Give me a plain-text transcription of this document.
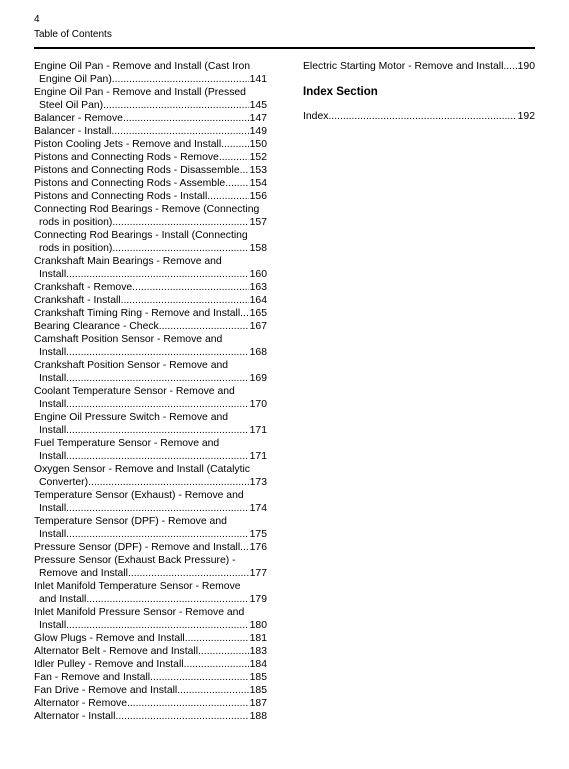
4
Table of Contents
Engine Oil Pan - Remove and Install (Cast Iron
Engine Oil Pan) .....	141
Engine Oil Pan - Remove and Install (Pressed
Steel Oil Pan) .....	145
Balancer - Remove .....	147
Balancer - Install .....	149
Piston Cooling Jets - Remove and Install .....	150
Pistons and Connecting Rods - Remove .....	152
Pistons and Connecting Rods - Disassemble ..... 153
Pistons and Connecting Rods - Assemble ..... 154
Pistons and Connecting Rods - Install .....	156
Connecting Rod Bearings - Remove (Connecting
rods in position) .....	157
Connecting Rod Bearings - Install (Connecting
rods in position) .....	158
Crankshaft Main Bearings - Remove and
Install .....	160
Crankshaft - Remove .....	163
Crankshaft - Install .....	164
Crankshaft Timing Ring - Remove and Install ..... 165
Bearing Clearance - Check .....	167
Camshaft Position Sensor - Remove and
Install .....	168
Crankshaft Position Sensor - Remove and
Install .....	169
Coolant Temperature Sensor - Remove and
Install .....	170
Engine Oil Pressure Switch - Remove and
Install .....	171
Fuel Temperature Sensor - Remove and
Install .....	171
Oxygen Sensor - Remove and Install (Catalytic
Converter) .....	173
Temperature Sensor (Exhaust) - Remove and
Install .....	174
Temperature Sensor (DPF) - Remove and
Install .....	175
Pressure Sensor (DPF) - Remove and Install ..... 176
Pressure Sensor (Exhaust Back Pressure) -
Remove and Install .....	177
Inlet Manifold Temperature Sensor - Remove
and Install .....	179
Inlet Manifold Pressure Sensor - Remove and
Install .....	180
Glow Plugs - Remove and Install .....	181
Alternator Belt - Remove and Install .....	183
Idler Pulley - Remove and Install .....	184
Fan - Remove and Install .....	185
Fan Drive - Remove and Install .....	185
Alternator - Remove .....	187
Alternator - Install .....	188
Electric Starting Motor - Remove and Install ..... 190
Index Section
Index .....	192
